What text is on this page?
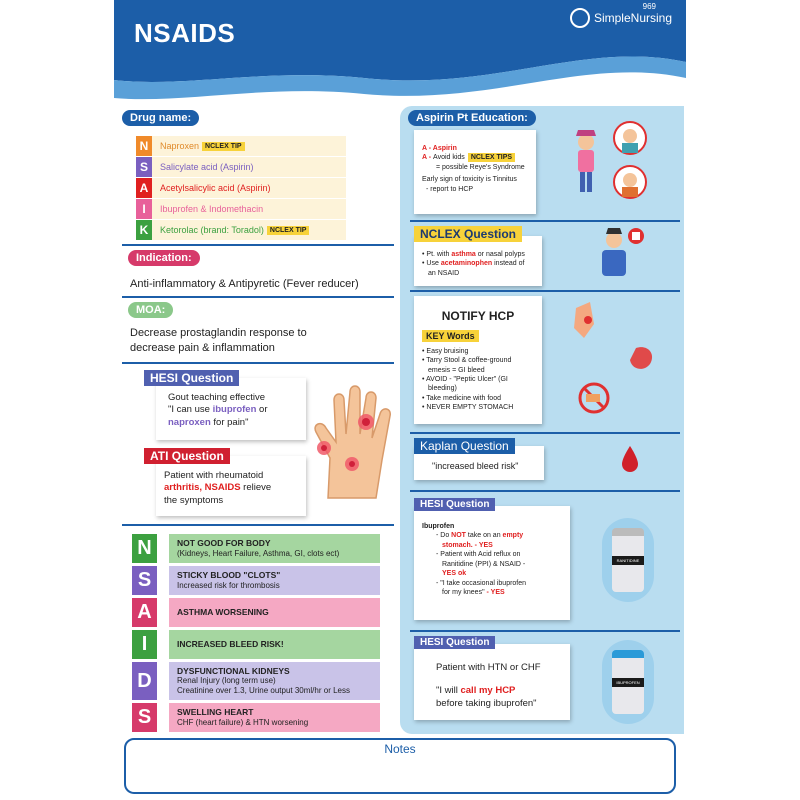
NSAIDS	SimpleNursing
969
Drug name:
N	Naproxen NCLEX TIP
S	Salicylate acid (Aspirin)
A	Acetylsalicylic acid (Aspirin)
I	Ibuprofen & Indomethacin
K	Ketorolac (brand: Toradol) NCLEX TIP
Indication:
Anti-inflammatory & Antipyretic (Fever reducer)
MOA:
Decrease prostaglandin response to
decrease pain & inflammation
Gout teaching effective
"I can use ibuprofen or
naproxen for pain"
HESI Question
Patient with rheumatoid
arthritis, NSAIDS relieve
the symptoms
ATI Question
N	NOT GOOD FOR BODY
(Kidneys, Heart Failure, Asthma, GI, clots ect)
S	STICKY BLOOD "CLOTS"
Increased risk for thrombosis
A	ASTHMA WORSENING
I	INCREASED BLEED RISK!
D	DYSFUNCTIONAL KIDNEYS
Renal Injury (long term use)
Creatinine over 1.3, Urine output 30ml/hr or Less
S	SWELLING HEART
CHF (heart failure) & HTN worsening
Aspirin Pt Education:
A - Aspirin
A - Avoid kids NCLEX TIPS
= possible Reye's Syndrome
Early sign of toxicity is Tinnitus
- report to HCP
• Pt. with asthma or nasal polyps
• Use acetaminophen instead of
an NSAID
NCLEX Question
NOTIFY HCP
KEY Words
• Easy bruising
• Tarry Stool & coffee-ground
emesis = GI bleed
• AVOID - "Peptic Ulcer" (GI
bleeding)
• Take medicine with food
• NEVER EMPTY STOMACH
"increased bleed risk"
Kaplan Question
Ibuprofen
- Do NOT take on an empty
stomach. - YES
- Patient with Acid reflux on
Ranitidine (PPI) & NSAID -
YES ok
- "I take occasional ibuprofen
for my knees" - YES
HESI Question
RANITIDINE
Patient with HTN or CHF
"I will call my HCP
before taking ibuprofen"
HESI Question
IBUPROFEN
Notes
